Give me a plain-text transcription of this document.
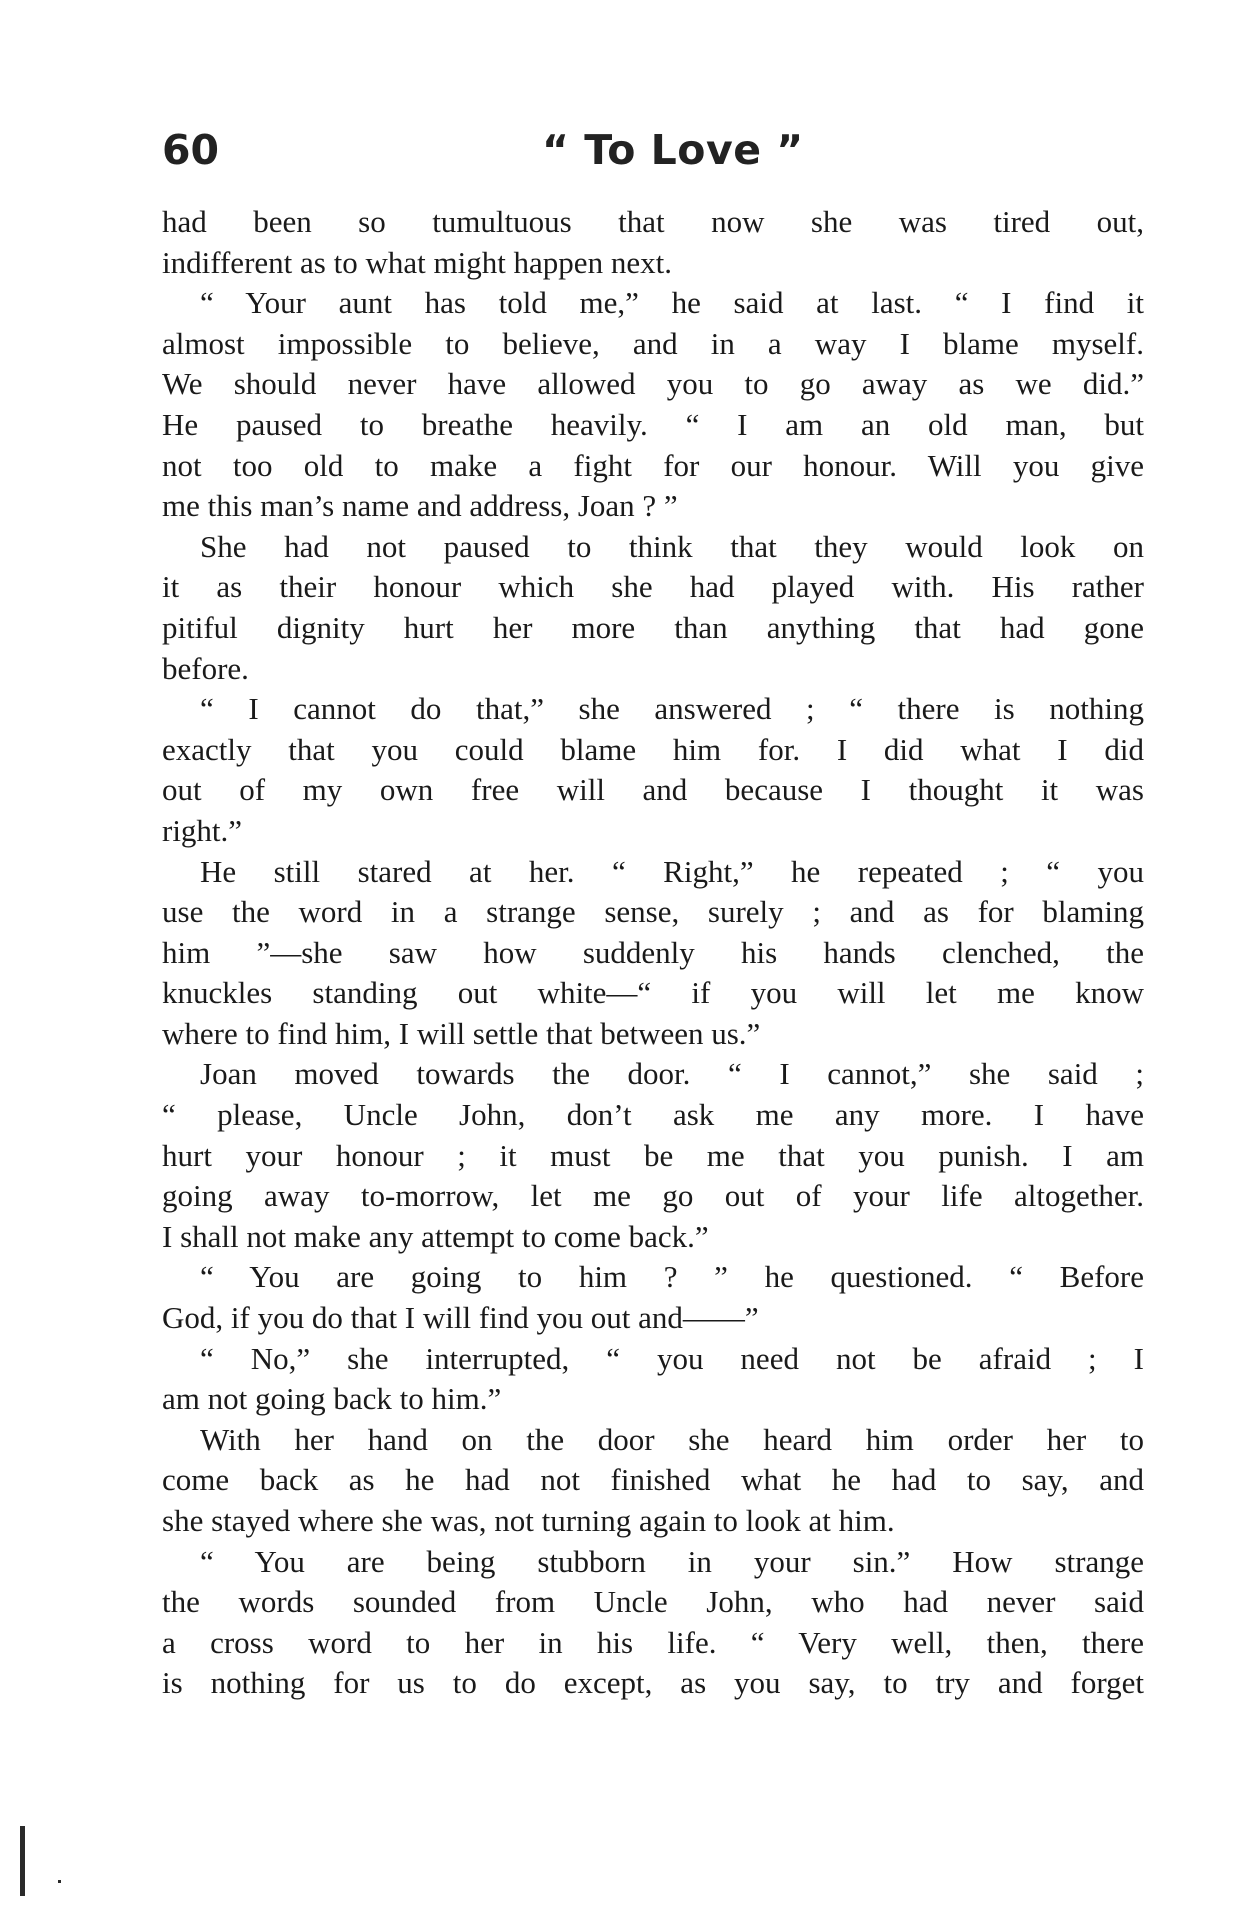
60	“ To Love ”

had been so tumultuous that now she was tired out,
indifferent as to what might happen next.

“ Your aunt has told me,” he said at last. “ I find it
almost impossible to believe, and in a way I blame myself.
We should never have allowed you to go away as we did.”
He paused to breathe heavily. “ I am an old man, but
not too old to make a fight for our honour. Will you give
me this man’s name and address, Joan ? ”

She had not paused to think that they would look on
it as their honour which she had played with. His rather
pitiful dignity hurt her more than anything that had gone
before.

“ I cannot do that,” she answered ; “ there is nothing
exactly that you could blame him for. I did what I did
out of my own free will and because I thought it was
right.”

He still stared at her. “ Right,” he repeated ; “ you
use the word in a strange sense, surely ; and as for blaming
him ”—she saw how suddenly his hands clenched, the
knuckles standing out white—“ if you will let me know
where to find him, I will settle that between us.”

Joan moved towards the door. “ I cannot,” she said ;
“ please, Uncle John, don’t ask me any more. I have
hurt your honour ; it must be me that you punish. I am
going away to-morrow, let me go out of your life altogether.
I shall not make any attempt to come back.”

“ You are going to him ? ” he questioned. “ Before
God, if you do that I will find you out and——”

“ No,” she interrupted, “ you need not be afraid ; I
am not going back to him.”

With her hand on the door she heard him order her to
come back as he had not finished what he had to say, and
she stayed where she was, not turning again to look at him.

“ You are being stubborn in your sin.” How strange
the words sounded from Uncle John, who had never said
a cross word to her in his life. “ Very well, then, there
is nothing for us to do except, as you say, to try and forget
